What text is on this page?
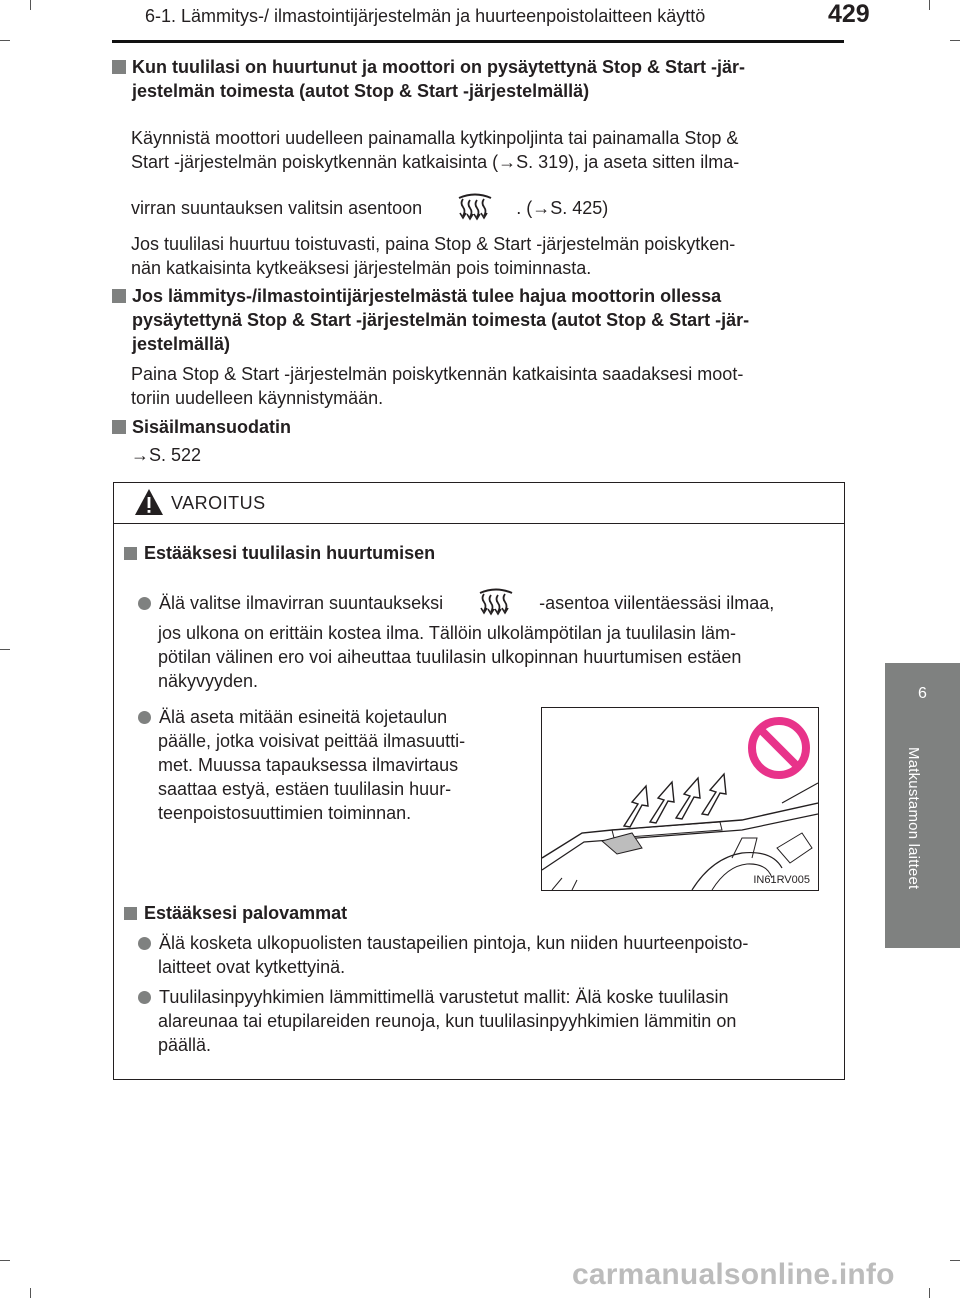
6-1. Lämmitys-/ ilmastointijärjestelmän ja huurteenpoistolaitteen käyttö	429
6
Matkustamon laitteet
Kun tuulilasi on huurtunut ja moottori on pysäytettynä Stop & Start -jär-
jestelmän toimesta (autot Stop & Start -järjestelmällä)
Käynnistä moottori uudelleen painamalla kytkinpoljinta tai painamalla Stop &
Start -järjestelmän poiskytkennän katkaisinta (→S. 319), ja aseta sitten ilma-
virran suuntauksen valitsin asentoon	. (→S. 425)
Jos tuulilasi huurtuu toistuvasti, paina Stop & Start -järjestelmän poiskytken-
nän katkaisinta kytkeäksesi järjestelmän pois toiminnasta.
Jos lämmitys-/ilmastointijärjestelmästä tulee hajua moottorin ollessa
pysäytettynä Stop & Start -järjestelmän toimesta (autot Stop & Start -jär-
jestelmällä)
Paina Stop & Start -järjestelmän poiskytkennän katkaisinta saadaksesi moot-
toriin uudelleen käynnistymään.
Sisäilmansuodatin
→S. 522
VAROITUS
Estääksesi tuulilasin huurtumisen
Älä valitse ilmavirran suuntaukseksi	-asentoa viilentäessäsi ilmaa,
jos ulkona on erittäin kostea ilma. Tällöin ulkolämpötilan ja tuulilasin läm-
pötilan välinen ero voi aiheuttaa tuulilasin ulkopinnan huurtumisen estäen
näkyvyyden.
Älä aseta mitään esineitä kojetaulun
päälle, jotka voisivat peittää ilmasuutti-
met. Muussa tapauksessa ilmavirtaus
saattaa estyä, estäen tuulilasin huur-
teenpoistosuuttimien toiminnan.
IN61RV005
Estääksesi palovammat
Älä kosketa ulkopuolisten taustapeilien pintoja, kun niiden huurteenpoisto-
laitteet ovat kytkettyinä.
Tuulilasinpyyhkimien lämmittimellä varustetut mallit: Älä koske tuulilasin
alareunaa tai etupilareiden reunoja, kun tuulilasinpyyhkimien lämmitin on
päällä.
carmanualsonline.info
